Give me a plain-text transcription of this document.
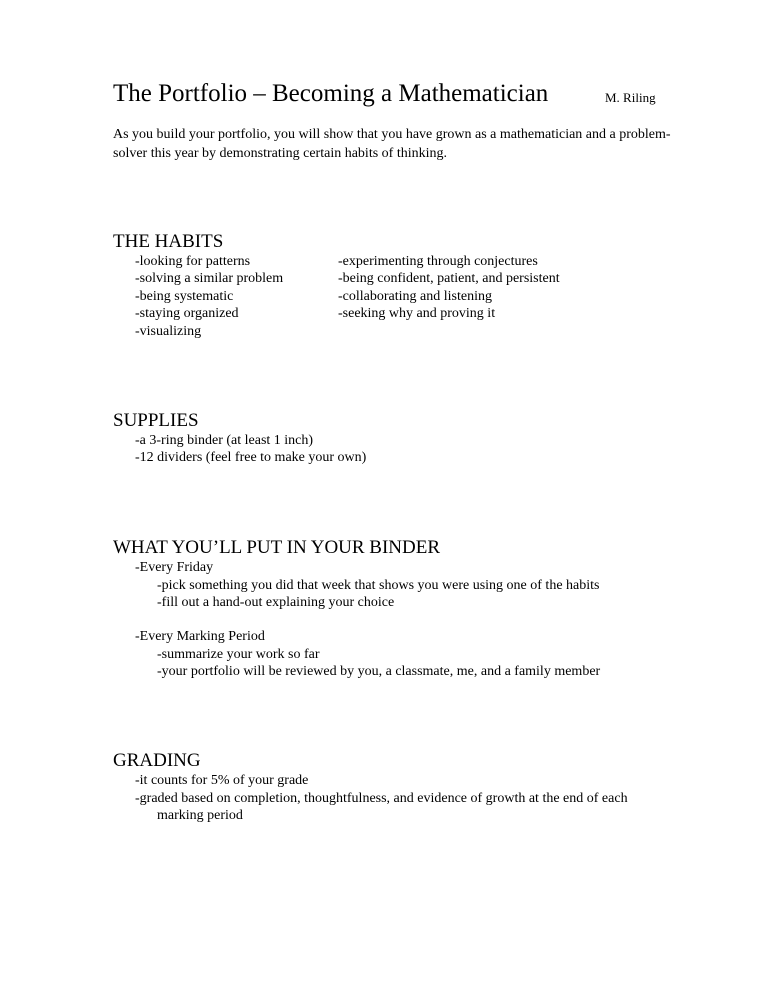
The Portfolio – Becoming a Mathematician	M. Riling
As you build your portfolio, you will show that you have grown as a mathematician and a problem-solver this year by demonstrating certain habits of thinking.
THE HABITS
-looking for patterns
-solving a similar problem
-being systematic
-staying organized
-visualizing
-experimenting through conjectures
-being confident, patient, and persistent
-collaborating and listening
-seeking why and proving it
SUPPLIES
-a 3-ring binder (at least 1 inch)
-12 dividers (feel free to make your own)
WHAT YOU’LL PUT IN YOUR BINDER
-Every Friday
-pick something you did that week that shows you were using one of the habits
-fill out a hand-out explaining your choice
-Every Marking Period
-summarize your work so far
-your portfolio will be reviewed by you, a classmate, me, and a family member
GRADING
-it counts for 5% of your grade
-graded based on completion, thoughtfulness, and evidence of growth at the end of each
marking period
